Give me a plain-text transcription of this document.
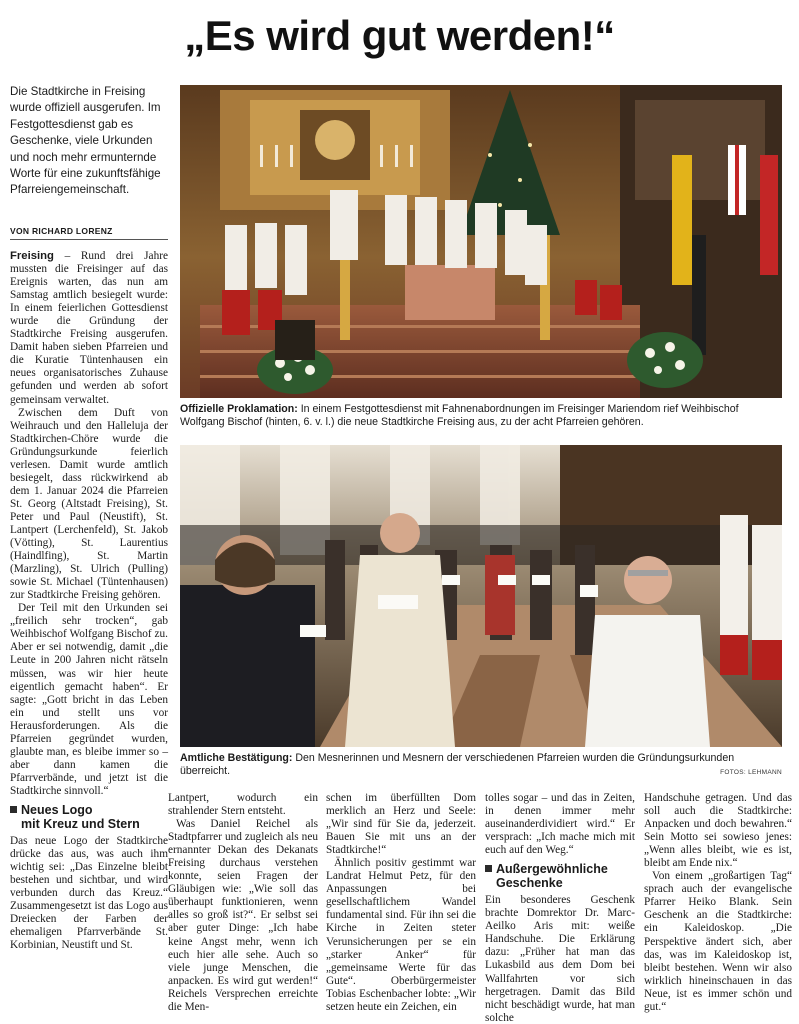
„Es wird gut werden!“
Die Stadtkirche in Freising wurde offiziell ausgerufen. Im Festgottesdienst gab es Geschenke, viele Urkunden und noch mehr ermunternde Worte für eine zukunftsfähige Pfarreiengemeinschaft.
VON RICHARD LORENZ

Freising – Rund drei Jahre mussten die Freisinger auf das Ereignis warten, das nun am Samstag amtlich besiegelt wurde: In einem feierlichen Gottesdienst wurde die Gründung der Stadtkirche Freising ausgerufen. Damit haben sieben Pfarreien und die Kuratie Tüntenhausen ein neues organisatorisches Zuhause gefunden und werden ab sofort gemeinsam verwaltet.

Zwischen dem Duft von Weihrauch und den Halleluja der Stadtkirchen-Chöre wurde die Gründungsurkunde feierlich verlesen. Damit wurde amtlich besiegelt, dass rückwirkend ab dem 1. Januar 2024 die Pfarreien St. Georg (Altstadt Freising), St. Peter und Paul (Neustift), St. Lantpert (Lerchenfeld), St. Jakob (Vötting), St. Laurentius (Haindlfing), St. Martin (Marzling), St. Ulrich (Pulling) sowie St. Michael (Tüntenhausen) zur Stadtkirche Freising gehören.

Der Teil mit den Urkunden sei „freilich sehr trocken“, gab Weihbischof Wolfgang Bischof zu. Aber er sei notwendig, damit „die Leute in 200 Jahren nicht rätseln müssen, was wir hier heute eigentlich gemacht haben“. Er sagte: „Gott bricht in das Leben ein und stellt uns vor Herausforderungen. Als die Pfarreien gegründet wurden, glaubte man, es bleibe immer so – aber dann kamen die Pfarrverbände, und jetzt ist die Stadtkirche sinnvoll.“

Neues Logo
mit Kreuz und Stern

Das neue Logo der Stadtkirche drücke das aus, was auch ihm wichtig sei: „Das Einzelne bleibt bestehen und sichtbar, und wird verbunden durch das Kreuz.“ Zusammengesetzt ist das Logo aus Dreiecken der Farben der ehemaligen Pfarrverbände St. Korbinian, Neustift und St.

Offizielle Proklamation: In einem Festgottesdienst mit Fahnenabordnungen im Freisinger Mariendom rief Weihbischof Wolfgang Bischof (hinten, 6. v. l.) die neue Stadtkirche Freising aus, zu der acht Pfarreien gehören.
Amtliche Bestätigung: Den Mesnerinnen und Mesnern der verschiedenen Pfarreien wurden die Gründungsurkunden überreicht.	FOTOS: LEHMANN

Lantpert, wodurch ein strahlender Stern entsteht.

Was Daniel Reichel als Stadtpfarrer und zugleich als neu ernannter Dekan des Dekanats Freising durchaus verstehen konnte, seien Fragen der Gläubigen wie: „Wie soll das überhaupt funktionieren, wenn alles so groß ist?“. Er selbst sei aber guter Dinge: „Ich habe keine Angst mehr, wenn ich euch hier alle sehe. Auch so viele junge Menschen, die anpacken. Es wird gut werden!“ Reichels Versprechen erreichte die Men-

schen im überfüllten Dom merklich an Herz und Seele: „Wir sind für Sie da, jederzeit. Bauen Sie mit uns an der Stadtkirche!“

Ähnlich positiv gestimmt war Landrat Helmut Petz, für den Anpassungen bei gesellschaftlichem Wandel fundamental sind. Für ihn sei die Kirche in Zeiten steter Verunsicherungen per se ein „starker Anker“ für „gemeinsame Werte für das Gute“. Oberbürgermeister Tobias Eschenbacher lobte: „Wir setzen heute ein Zeichen, ein

tolles sogar – und das in Zeiten, in denen immer mehr auseinanderdividiert wird.“ Er versprach: „Ich mache mich mit euch auf den Weg.“

Außergewöhnliche
Geschenke

Ein besonderes Geschenk brachte Domrektor Dr. Marc-Aeilko Aris mit: weiße Handschuhe. Die Erklärung dazu: „Früher hat man das Lukasbild aus dem Dom bei Wallfahrten vor sich hergetragen. Damit das Bild nicht beschädigt wurde, hat man solche

Handschuhe getragen. Und das soll auch die Stadtkirche: Anpacken und doch bewahren.“ Sein Motto sei sowieso jenes: „Wenn alles bleibt, wie es ist, bleibt am Ende nix.“

Von einem „großartigen Tag“ sprach auch der evangelische Pfarrer Heiko Blank. Sein Geschenk an die Stadtkirche: ein Kaleidoskop. „Die Perspektive ändert sich, aber das, was im Kaleidoskop ist, bleibt bestehen. Wenn wir also wirklich hineinschauen in das Neue, ist es immer schön und gut.“
